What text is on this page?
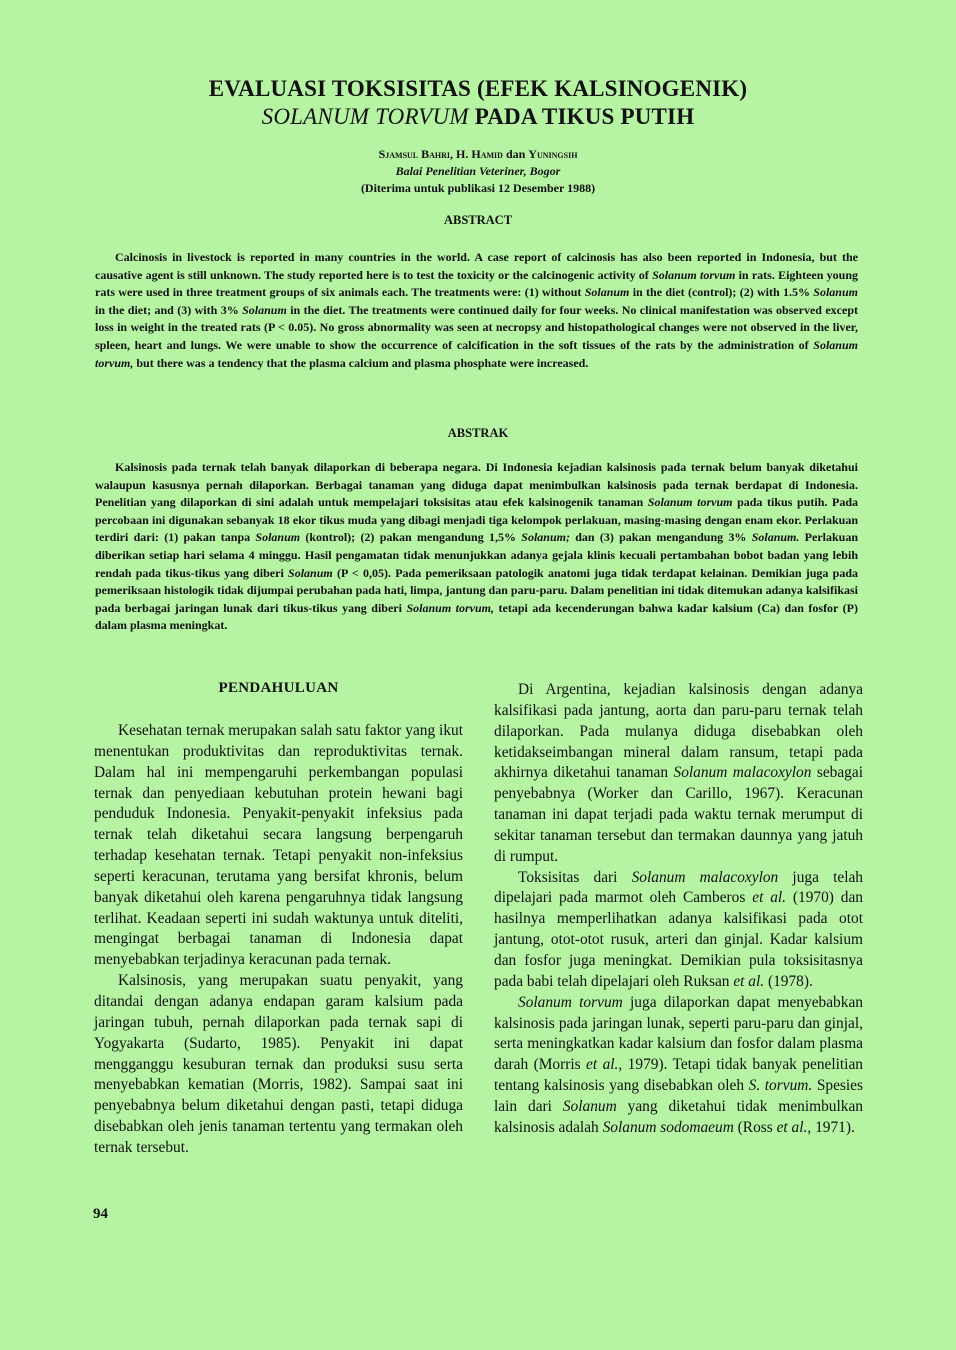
EVALUASI TOKSISITAS (EFEK KALSINOGENIK)
SOLANUM TORVUM PADA TIKUS PUTIH
Sjamsul Bahri, H. Hamid dan Yuningsih
Balai Penelitian Veteriner, Bogor
(Diterima untuk publikasi 12 Desember 1988)
ABSTRACT
Calcinosis in livestock is reported in many countries in the world. A case report of calcinosis has also been reported in Indonesia, but the causative agent is still unknown. The study reported here is to test the toxicity or the calcinogenic activity of Solanum torvum in rats. Eighteen young rats were used in three treatment groups of six animals each. The treatments were: (1) without Solanum in the diet (control); (2) with 1.5% Solanum in the diet; and (3) with 3% Solanum in the diet. The treatments were continued daily for four weeks. No clinical manifestation was observed except loss in weight in the treated rats (P < 0.05). No gross abnormality was seen at necropsy and histopathological changes were not observed in the liver, spleen, heart and lungs. We were unable to show the occurrence of calcification in the soft tissues of the rats by the administration of Solanum torvum, but there was a tendency that the plasma calcium and plasma phosphate were increased.
ABSTRAK
Kalsinosis pada ternak telah banyak dilaporkan di beberapa negara. Di Indonesia kejadian kalsinosis pada ternak belum banyak diketahui walaupun kasusnya pernah dilaporkan. Berbagai tanaman yang diduga dapat menimbulkan kalsinosis pada ternak berdapat di Indonesia. Penelitian yang dilaporkan di sini adalah untuk mempelajari toksisitas atau efek kalsinogenik tanaman Solanum torvum pada tikus putih. Pada percobaan ini digunakan sebanyak 18 ekor tikus muda yang dibagi menjadi tiga kelompok perlakuan, masing-masing dengan enam ekor. Perlakuan terdiri dari: (1) pakan tanpa Solanum (kontrol); (2) pakan mengandung 1,5% Solanum; dan (3) pakan mengandung 3% Solanum. Perlakuan diberikan setiap hari selama 4 minggu. Hasil pengamatan tidak menunjukkan adanya gejala klinis kecuali pertambahan bobot badan yang lebih rendah pada tikus-tikus yang diberi Solanum (P < 0,05). Pada pemeriksaan patologik anatomi juga tidak terdapat kelainan. Demikian juga pada pemeriksaan histologik tidak dijumpai perubahan pada hati, limpa, jantung dan paru-paru. Dalam penelitian ini tidak ditemukan adanya kalsifikasi pada berbagai jaringan lunak dari tikus-tikus yang diberi Solanum torvum, tetapi ada kecenderungan bahwa kadar kalsium (Ca) dan fosfor (P) dalam plasma meningkat.
PENDAHULUAN

Kesehatan ternak merupakan salah satu faktor yang ikut menentukan produktivitas dan reproduktivitas ternak. Dalam hal ini mempengaruhi perkembangan populasi ternak dan penyediaan kebutuhan protein hewani bagi penduduk Indonesia. Penyakit-penyakit infeksius pada ternak telah diketahui secara langsung berpengaruh terhadap kesehatan ternak. Tetapi penyakit non-infeksius seperti keracunan, terutama yang bersifat khronis, belum banyak diketahui oleh karena pengaruhnya tidak langsung terlihat. Keadaan seperti ini sudah waktunya untuk diteliti, mengingat berbagai tanaman di Indonesia dapat menyebabkan terjadinya keracunan pada ternak.

Kalsinosis, yang merupakan suatu penyakit, yang ditandai dengan adanya endapan garam kalsium pada jaringan tubuh, pernah dilaporkan pada ternak sapi di Yogyakarta (Sudarto, 1985). Penyakit ini dapat mengganggu kesuburan ternak dan produksi susu serta menyebabkan kematian (Morris, 1982). Sampai saat ini penyebabnya belum diketahui dengan pasti, tetapi diduga disebabkan oleh jenis tanaman tertentu yang termakan oleh ternak tersebut.

Di Argentina, kejadian kalsinosis dengan adanya kalsifikasi pada jantung, aorta dan paru-paru ternak telah dilaporkan. Pada mulanya diduga disebabkan oleh ketidakseimbangan mineral dalam ransum, tetapi pada akhirnya diketahui tanaman Solanum malacoxylon sebagai penyebabnya (Worker dan Carillo, 1967). Keracunan tanaman ini dapat terjadi pada waktu ternak merumput di sekitar tanaman tersebut dan termakan daunnya yang jatuh di rumput.

Toksisitas dari Solanum malacoxylon juga telah dipelajari pada marmot oleh Camberos et al. (1970) dan hasilnya memperlihatkan adanya kalsifikasi pada otot jantung, otot-otot rusuk, arteri dan ginjal. Kadar kalsium dan fosfor juga meningkat. Demikian pula toksisitasnya pada babi telah dipelajari oleh Ruksan et al. (1978).

Solanum torvum juga dilaporkan dapat menyebabkan kalsinosis pada jaringan lunak, seperti paru-paru dan ginjal, serta meningkatkan kadar kalsium dan fosfor dalam plasma darah (Morris et al., 1979). Tetapi tidak banyak penelitian tentang kalsinosis yang disebabkan oleh S. torvum. Spesies lain dari Solanum yang diketahui tidak menimbulkan kalsinosis adalah Solanum sodomaeum (Ross et al., 1971).

94
